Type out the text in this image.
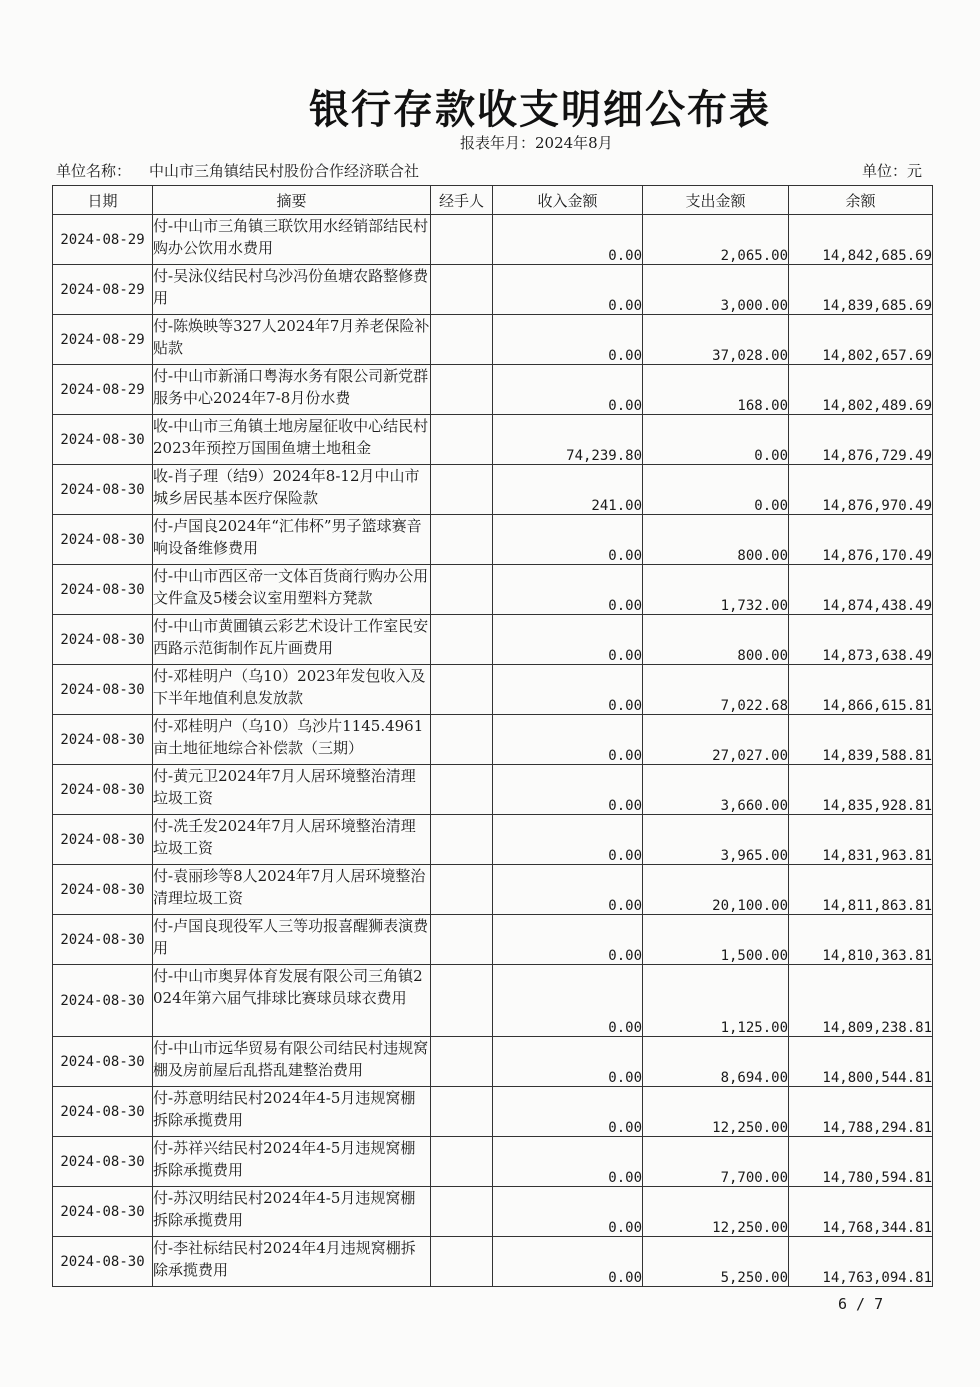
银行存款收支明细公布表
报表年月：2024年8月
单位名称： 中山市三角镇结民村股份合作经济联合社	单位：元
日期	摘要	经手人	收入金额	支出金额	余额
2024-08-29	付-中山市三角镇三联饮用水经销部结民村购办公饮用水费用		0.00	2,065.00	14,842,685.69
2024-08-29	付-吴泳仪结民村乌沙冯份鱼塘农路整修费用		0.00	3,000.00	14,839,685.69
2024-08-29	付-陈焕映等327人2024年7月养老保险补贴款		0.00	37,028.00	14,802,657.69
2024-08-29	付-中山市新涌口粤海水务有限公司新党群服务中心2024年7-8月份水费		0.00	168.00	14,802,489.69
2024-08-30	收-中山市三角镇土地房屋征收中心结民村2023年预控万国围鱼塘土地租金		74,239.80	0.00	14,876,729.49
2024-08-30	收-肖子理（结9）2024年8-12月中山市城乡居民基本医疗保险款		241.00	0.00	14,876,970.49
2024-08-30	付-卢国良2024年“汇伟杯”男子篮球赛音响设备维修费用		0.00	800.00	14,876,170.49
2024-08-30	付-中山市西区帝一文体百货商行购办公用文件盒及5楼会议室用塑料方凳款		0.00	1,732.00	14,874,438.49
2024-08-30	付-中山市黄圃镇云彩艺术设计工作室民安西路示范街制作瓦片画费用		0.00	800.00	14,873,638.49
2024-08-30	付-邓桂明户（乌10）2023年发包收入及下半年地值利息发放款		0.00	7,022.68	14,866,615.81
2024-08-30	付-邓桂明户（乌10）乌沙片1145.4961亩土地征地综合补偿款（三期）		0.00	27,027.00	14,839,588.81
2024-08-30	付-黄元卫2024年7月人居环境整治清理垃圾工资		0.00	3,660.00	14,835,928.81
2024-08-30	付-冼壬发2024年7月人居环境整治清理垃圾工资		0.00	3,965.00	14,831,963.81
2024-08-30	付-袁丽珍等8人2024年7月人居环境整治清理垃圾工资		0.00	20,100.00	14,811,863.81
2024-08-30	付-卢国良现役军人三等功报喜醒狮表演费用		0.00	1,500.00	14,810,363.81
2024-08-30	付-中山市奥昇体育发展有限公司三角镇2024年第六届气排球比赛球员球衣费用		0.00	1,125.00	14,809,238.81
2024-08-30	付-中山市远华贸易有限公司结民村违规窝棚及房前屋后乱搭乱建整治费用		0.00	8,694.00	14,800,544.81
2024-08-30	付-苏意明结民村2024年4-5月违规窝棚拆除承揽费用		0.00	12,250.00	14,788,294.81
2024-08-30	付-苏祥兴结民村2024年4-5月违规窝棚拆除承揽费用		0.00	7,700.00	14,780,594.81
2024-08-30	付-苏汉明结民村2024年4-5月违规窝棚拆除承揽费用		0.00	12,250.00	14,768,344.81
2024-08-30	付-李社标结民村2024年4月违规窝棚拆除承揽费用		0.00	5,250.00	14,763,094.81
6 / 7
